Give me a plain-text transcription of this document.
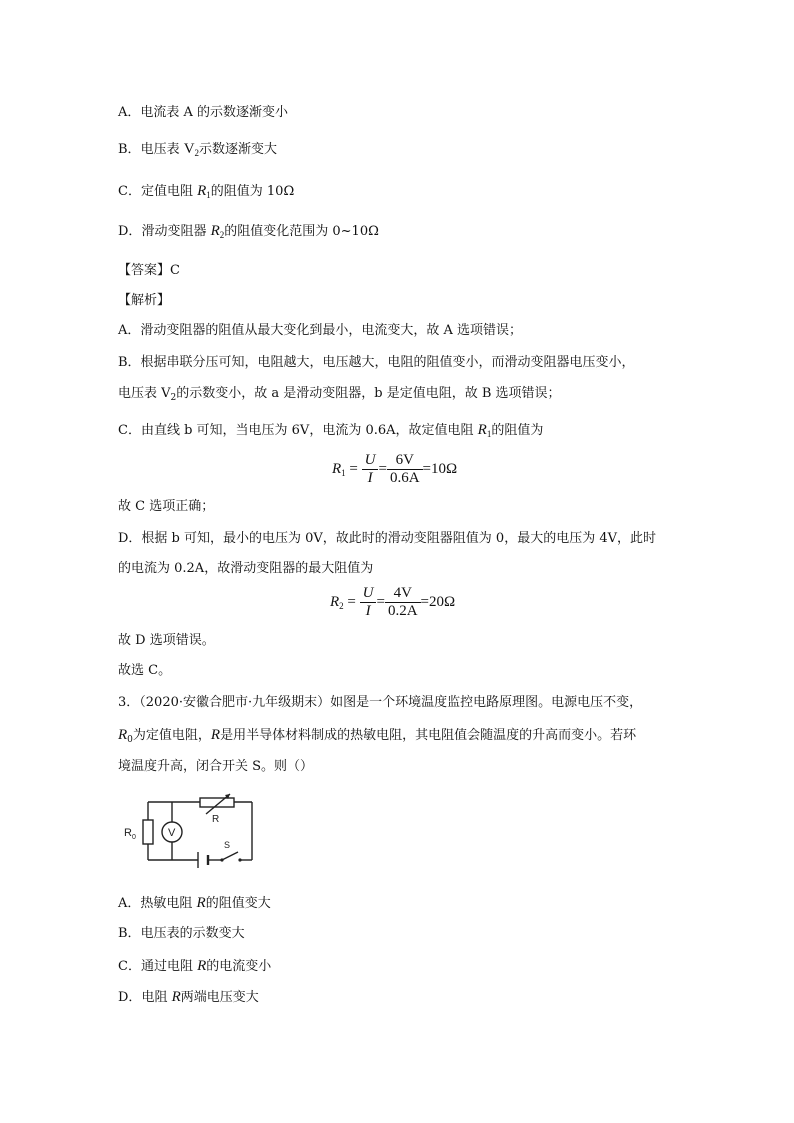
A．电流表 A 的示数逐渐变小
B．电压表 $V_2$示数逐渐变大
C．定值电阻 $R_1$的阻值为 10Ω
D．滑动变阻器 $R_2$的阻值变化范围为 0~10Ω
【答案】C
【解析】
A．滑动变阻器的阻值从最大变化到最小，电流变大，故 A 选项错误；
B．根据串联分压可知，电阻越大，电压越大，电阻的阻值变小，而滑动变阻器电压变小，
电压表 $V_2$的示数变小，故 a 是滑动变阻器，b 是定值电阻，故 B 选项错误；
C．由直线 b 可知，当电压为 6V，电流为 0.6A，故定值电阻 $R_1$的阻值为
$R_1 = \frac{U}{I} = \frac{6V}{0.6A} =10\Omega$
故 C 选项正确；
D．根据 b 可知，最小的电压为 0V，故此时的滑动变阻器阻值为 0，最大的电压为 4V，此时
的电流为 0.2A，故滑动变阻器的最大阻值为
$R_2 = \frac{U}{I} = \frac{4V}{0.2A} =20\Omega$
故 D 选项错误。
故选 C。
3．（2020·安徽合肥市·九年级期末）如图是一个环境温度监控电路原理图。电源电压不变，
$R_0$为定值电阻，R是用半导体材料制成的热敏电阻，其电阻值会随温度的升高而变小。若环
境温度升高，闭合开关 S。则（）
$R_0$	V
R
S
A．热敏电阻 R的阻值变大
B．电压表的示数变大
C．通过电阻 R的电流变小
D．电阻 R两端电压变大
